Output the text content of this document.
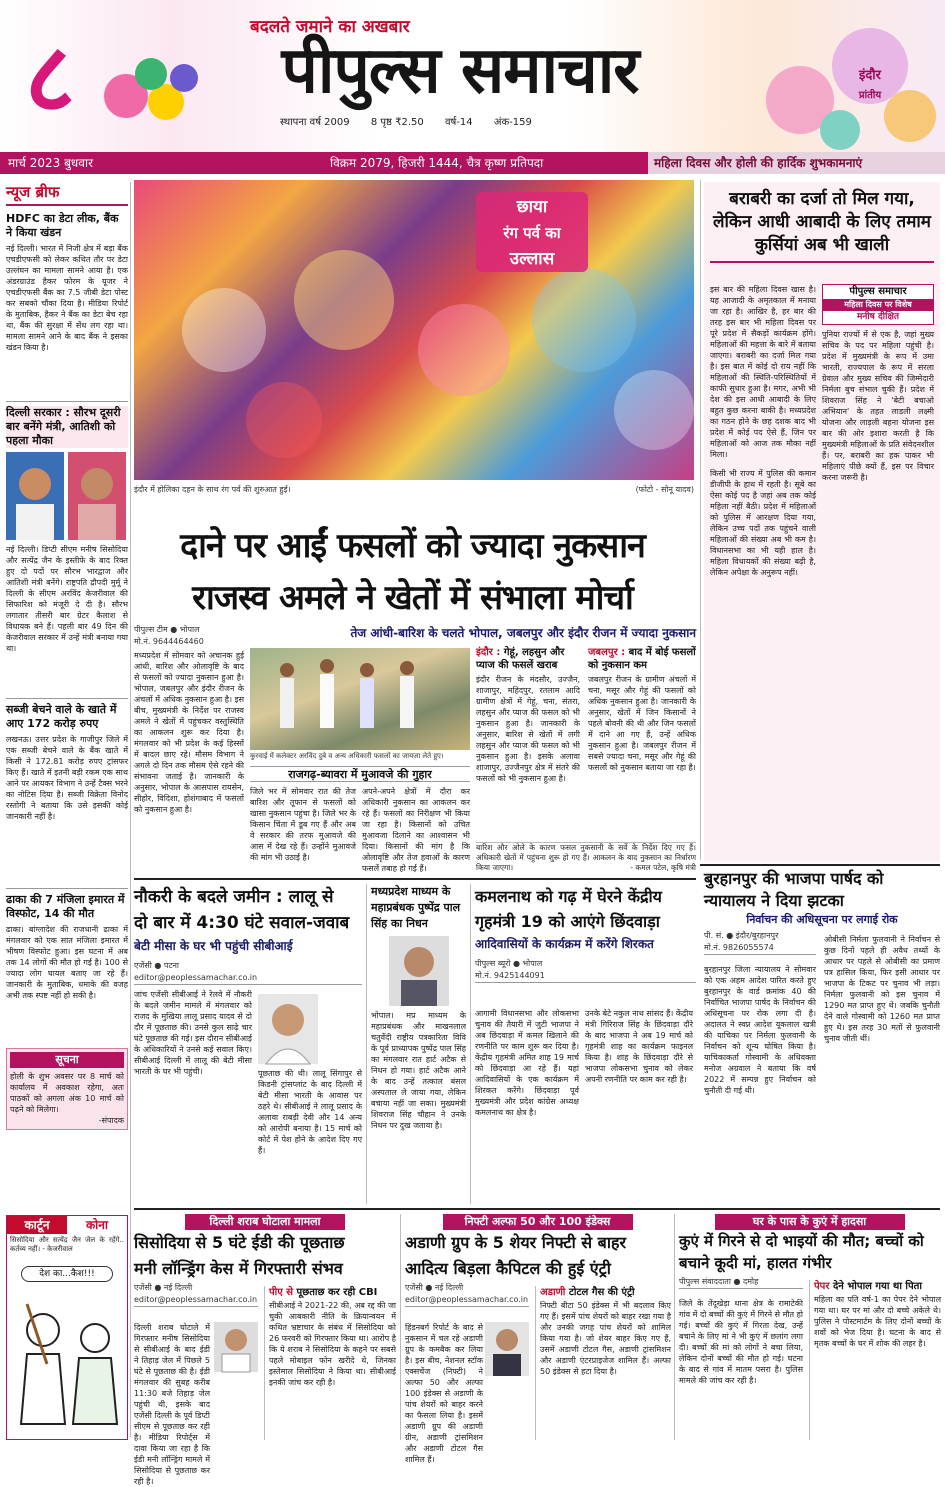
८	बदलते जमाने का अखबार
पीपुल्स समाचार	इंदौर
प्रांतीय
स्थापना वर्ष 2009 8 पृष्ठ ₹2.50 वर्ष-14 अंक-159
मार्च 2023 बुधवार	विक्रम 2079, हिजरी 1444, चैत्र कृष्ण प्रतिपदा	महिला दिवस और होली की हार्दिक शुभकामनाएं
न्यूज ब्रीफ
HDFC का डेटा लीक, बैंक ने किया खंडन
नई दिल्ली। भारत में निजी क्षेत्र में बड़ा बैंक एचडीएफसी को लेकर कथित तौर पर डेटा उल्लंघन का मामला सामने आया है। एक अंडरग्राउंड हैकर फोरम के यूजर ने एचडीएफसी बैंक का 7.5 जीबी डेटा पोस्ट कर सबको चौंका दिया है। मीडिया रिपोर्ट के मुताबिक, हैकर ने बैंक का डेटा बेच रहा था, बैंक की सुरक्षा में सेंध लग रहा था। मामला सामने आने के बाद बैंक ने इसका खंडन किया है।
दिल्ली सरकार : सौरभ दूसरी बार बनेंगे मंत्री, आतिशी को पहला मौका
नई दिल्ली। डिप्टी सीएम मनीष सिसोदिया और सत्येंद्र जैन के इस्तीफे के बाद रिक्त हुए दो पदों पर सौरभ भारद्वाज और आतिशी मंत्री बनेंगे। राष्ट्रपति द्रौपदी मुर्मू ने दिल्ली के सीएम अरविंद केजरीवाल की सिफारिश को मंजूरी दे दी है। सौरभ लगातार तीसरी बार ग्रेटर कैलाश से विधायक बने हैं। पहली बार 49 दिन की केजरीवाल सरकार में उन्हें मंत्री बनाया गया था।
सब्जी बेचने वाले के खाते में आए 172 करोड़ रुपए
लखनऊ। उत्तर प्रदेश के गाजीपुर जिले में एक सब्जी बेचने वाले के बैंक खाते में किसी ने 172.81 करोड़ रुपए ट्रांसफर किए हैं। खाते में इतनी बड़ी रकम एक साथ आने पर आयकर विभाग ने उन्हें टैक्स भरने का नोटिस दिया है। सब्जी विक्रेता विनोद रस्तोगी ने बताया कि उसे इसकी कोई जानकारी नहीं है।
ढाका की 7 मंजिला इमारत में विस्फोट, 14 की मौत
ढाका। बांग्लादेश की राजधानी ढाका में मंगलवार को एक सात मंजिला इमारत में भीषण विस्फोट हुआ। इस घटना में अब तक 14 लोगों की मौत हो गई है। 100 से ज्यादा लोग घायल बताए जा रहे हैं। जानकारी के मुताबिक, धमाके की वजह अभी तक स्पष्ट नहीं हो सकी है।
सूचना
होली के शुभ अवसर पर 8 मार्च को कार्यालय में अवकाश रहेगा, अतः पाठकों को अगला अंक 10 मार्च को पढ़ने को मिलेगा।
-संपादक
कार्टून	कोना
सिसोदिया और सत्येंद्र जैन जेल के रहेंगे.. कर्तव्य नहीं। - केजरीवाल
देश का...कैश!!!
छाया
रंग पर्व का
उल्लास
इंदौर में होलिका दहन के साथ रंग पर्व की शुरुआत हुई।	(फोटो - सोनू यादव)
बराबरी का दर्जा तो मिल गया, लेकिन आधी आबादी के लिए तमाम कुर्सियां अब भी खाली
इस बार की महिला दिवस खास है। यह आजादी के अमृतकाल में मनाया जा रहा है। आखिर है, हर बार की तरह इस बार भी महिला दिवस पर पूरे प्रदेश में सैकड़ों कार्यक्रम होंगे। महिलाओं की महत्ता के बारे में बताया जाएगा। बराबरी का दर्जा मिल गया है। इस बात में कोई दो राय नहीं कि महिलाओं की स्थिति-परिस्थितियों में काफी सुधार हुआ है। मगर, अभी भी देश की इस आधी आबादी के लिए बहुत कुछ करना बाकी है। मध्यप्रदेश का गठन होने के छह दशक बाद भी प्रदेश में कोई पद ऐसे हैं, जिन पर महिलाओं को आज तक मौका नहीं मिला।
किसी भी राज्य में पुलिस की कमान डीजीपी के हाथ में रहती है। सूबे का ऐसा कोई पद है जहां अब तक कोई महिला नहीं बैठी। प्रदेश में महिलाओं को पुलिस में आरक्षण दिया गया, लेकिन उच्च पदों तक पहुंचने वाली महिलाओं की संख्या अब भी कम है। विधानसभा का भी यही हाल है। महिला विधायकों की संख्या बढ़ी है, लेकिन अपेक्षा के अनुरूप नहीं।
पीपुल्स समाचार
महिला दिवस पर विशेष
मनीष दीक्षित
पुनिया राज्यों में से एक है, जहां मुख्य सचिव के पद पर महिला पहुंची है। प्रदेश में मुख्यमंत्री के रूप में उमा भारती, राज्यपाल के रूप में सरला ग्रेवाल और मुख्य सचिव की जिम्मेदारी निर्मला बुच संभाल चुकी हैं। प्रदेश में शिवराज सिंह ने 'बेटी बचाओ अभियान' के तहत लाडली लक्ष्मी योजना और लाड़ली बहना योजना इस बार की ओर इशारा करती है कि मुख्यमंत्री महिलाओं के प्रति संवेदनशील हैं। पर, बराबरी का हक पाकर भी महिलाएं पीछे क्यों हैं, इस पर विचार करना जरूरी है।
दाने पर आईं फसलों को ज्यादा नुकसान
राजस्व अमले ने खेतों में संभाला मोर्चा
पीपुल्स टीम ● भोपाल
मो.नं. 9644464460
तेज आंधी-बारिश के चलते भोपाल, जबलपुर और इंदौर रीजन में ज्यादा नुकसान
मध्यप्रदेश में सोमवार को अचानक हुई आंधी, बारिश और ओलावृष्टि के बाद से फसलों को ज्यादा नुकसान हुआ है। भोपाल, जबलपुर और इंदौर रीजन के अंचलों में अधिक नुकसान हुआ है। इस बीच, मुख्यमंत्री के निर्देश पर राजस्व अमले ने खेतों में पहुंचकर वस्तुस्थिति का आकलन शुरू कर दिया है। मंगलवार को भी प्रदेश के कई हिस्सों में बादल छाए रहे। मौसम विभाग ने अगले दो दिन तक मौसम ऐसे रहने की संभावना जताई है। जानकारी के अनुसार, भोपाल के आसपास रायसेन, सीहोर, विदिशा, होशंगाबाद में फसलों को नुकसान हुआ है।
कुरवाई में कलेक्टर अरविंद दुबे व अन्य अधिकारी फसलों का जायजा लेते हुए।
राजगढ़-ब्यावरा में मुआवजे की गुहार
जिले भर में सोमवार रात की तेज बारिश और तूफान से फसलों को खासा नुकसान पहुंचा है। जिले भर के किसान चिंता में डूब गए हैं और अब वे सरकार की तरफ मुआवजे की आस में देख रहे हैं। उन्होंने मुआवजे की मांग भी उठाई है।
अपने-अपने क्षेत्रों में दौरा कर अधिकारी नुकसान का आकलन कर रहे हैं। फसलों का निरीक्षण भी किया जा रहा है। किसानों को उचित मुआवजा दिलाने का आश्वासन भी दिया। किसानों की मांग है कि ओलावृष्टि और तेज हवाओं के कारण फसलें तबाह हो गई हैं।
इंदौर : गेहूं, लहसुन और प्याज की फसलें खराब
इंदौर रीजन के मंदसौर, उज्जैन, शाजापुर, महिदपुर, रतलाम आदि ग्रामीण क्षेत्रों में गेहूं, चना, संतरा, लहसुन और प्याज की फसल को भी नुकसान हुआ है। जानकारी के अनुसार, बारिश से खेतों में लगी लहसुन और प्याज की फसल को भी नुकसान हुआ है। इसके अलावा शाजापुर, उज्जैनपुर क्षेत्र में संतरे की फसलों को भी नुकसान हुआ है।
जबलपुर : बाद में बोई फसलों को नुकसान कम
जबलपुर रीजन के ग्रामीण अंचलों में चना, मसूर और गेहूं की फसलों को अधिक नुकसान हुआ है। जानकारी के अनुसार, खेतों में जिन किसानों ने पहले बोवनी की थी और जिन फसलों में दाने आ गए हैं, उन्हें अधिक नुकसान हुआ है। जबलपुर रीजन में सबसे ज्यादा चना, मसूर और गेहूं की फसलों को नुकसान बताया जा रहा है।
बारिश और ओले के कारण फसल नुकसानी के सर्वे के निर्देश दिए गए हैं। अधिकारी खेतों में पहुंचना शुरू हो गए हैं। आकलन के बाद नुकसान का निर्धारण किया जाएगा।	- कमल पटेल, कृषि मंत्री
नौकरी के बदले जमीन : लालू से
दो बार में 4:30 घंटे सवाल-जवाब
बेटी मीसा के घर भी पहुंची सीबीआई
एजेंसी ● पटना
editor@peoplessamachar.co.in
जांच एजेंसी सीबीआई ने रेलवे में नौकरी के बदले जमीन मामले में मंगलवार को राजद के मुखिया लालू प्रसाद यादव से दो दौर में पूछताछ की। उनसे कुल साढ़े चार घंटे पूछताछ की गई। इस दौरान सीबीआई के अधिकारियों ने उनसे कई सवाल किए। सीबीआई दिल्ली में लालू की बेटी मीसा भारती के घर भी पहुंची।	पूछताछ की थी। लालू सिंगापुर से किडनी ट्रांसप्लांट के बाद दिल्ली में बेटी मीसा भारती के आवास पर ठहरे थे। सीबीआई ने लालू प्रसाद के अलावा राबड़ी देवी और 14 अन्य को आरोपी बनाया है। 15 मार्च को कोर्ट में पेश होने के आदेश दिए गए हैं।
मध्यप्रदेश माध्यम के महाप्रबंधक पुष्पेंद्र पाल सिंह का निधन
भोपाल। मप्र माध्यम के महाप्रबंधक और माखनलाल चतुर्वेदी राष्ट्रीय पत्रकारिता विवि के पूर्व प्राध्यापक पुष्पेंद्र पाल सिंह का मंगलवार रात हार्ट अटैक से निधन हो गया। हार्ट अटैक आने के बाद उन्हें तत्काल बंसल अस्पताल ले जाया गया, लेकिन बचाया नहीं जा सका। मुख्यमंत्री शिवराज सिंह चौहान ने उनके निधन पर दुख जताया है।
कमलनाथ को गढ़ में घेरने केंद्रीय
गृहमंत्री 19 को आएंगे छिंदवाड़ा
आदिवासियों के कार्यक्रम में करेंगे शिरकत
पीपुल्स ब्यूरो ● भोपाल
मो.नं. 9425144091
आगामी विधानसभा और लोकसभा चुनाव की तैयारी में जुटी भाजपा ने अब छिंदवाड़ा में कमल खिलाने की रणनीति पर काम शुरू कर दिया है। केंद्रीय गृहमंत्री अमित शाह 19 मार्च को छिंदवाड़ा आ रहे हैं। यहां आदिवासियों के एक कार्यक्रम में शिरकत करेंगे। छिंदवाड़ा पूर्व मुख्यमंत्री और प्रदेश कांग्रेस अध्यक्ष कमलनाथ का क्षेत्र है।
उनके बेटे नकुल नाथ सांसद हैं। केंद्रीय मंत्री गिरिराज सिंह के छिंदवाड़ा दौरे के बाद भाजपा ने अब 19 मार्च को गृहमंत्री शाह का कार्यक्रम फाइनल किया है। शाह के छिंदवाड़ा दौरे से भाजपा लोकसभा चुनाव को लेकर अपनी रणनीति पर काम कर रही है।
बुरहानपुर की भाजपा पार्षद को न्यायालय ने दिया झटका
निर्वाचन की अधिसूचना पर लगाई रोक
पी. सं. ● इंदौर/बुरहानपुर
मो.नं. 9826055574
बुरहानपुर जिला न्यायालय ने सोमवार को एक अहम आदेश पारित करते हुए बुरहानपुर के वार्ड क्रमांक 40 की निर्वाचित भाजपा पार्षद के निर्वाचन की अधिसूचना पर रोक लगा दी है। अदालत ने स्वप्न आदेश यूकलाल खत्री की याचिका पर निर्मला फुलवानी के निर्वाचन को शून्य घोषित किया है। याचिकाकर्ता गोस्वामी के अधिवक्ता मनोज अग्रवाल ने बताया कि वर्ष 2022 में सम्पन्न हुए निर्वाचन को चुनौती दी गई थी।
ओबीसी निर्मला फुलवानी ने निर्वाचन से कुछ दिनों पहले ही अवैध तथ्यों के आधार पर पहले से ओबीसी का प्रमाण पत्र हासिल किया, फिर इसी आधार पर भाजपा के टिकट पर चुनाव भी लड़ा। निर्मला फुलवानी को इस चुनाव में 1290 मत प्राप्त हुए थे। जबकि चुनौती देने वाले गोस्वामी को 1260 मत प्राप्त हुए थे। इस तरह 30 मतों से फुलवानी चुनाव जीती थीं।
दिल्ली शराब घोटाला मामला
सिसोदिया से 5 घंटे ईडी की पूछताछ
मनी लॉन्ड्रिंग केस में गिरफ्तारी संभव
एजेंसी ● नई दिल्ली
editor@peoplessamachar.co.in
दिल्ली शराब घोटाले में गिरफ्तार मनीष सिसोदिया से सीबीआई के बाद ईडी ने तिहाड़ जेल में पिछले 5 घंटे से पूछताछ की है। ईडी मंगलवार की सुबह करीब 11:30 बजे तिहाड़ जेल पहुंची थी, इसके बाद एजेंसी दिल्ली के पूर्व डिप्टी सीएम से पूछताछ कर रही है। मीडिया रिपोर्ट्स में दावा किया जा रहा है कि ईडी मनी लॉन्ड्रिंग मामले में सिसोदिया से पूछताछ कर रही है।
पीए से पूछताछ कर रही CBI
सीबीआई ने 2021-22 की, अब रद्द की जा चुकी आबकारी नीति के क्रियान्वयन में कथित भ्रष्टाचार के संबंध में सिसोदिया को 26 फरवरी को गिरफ्तार किया था। आरोप है कि ये शराब ने सिसोदिया के कहने पर सबसे पहले मोबाइल फोन खरीदे थे, जिनका इस्तेमाल सिसोदिया ने किया था। सीबीआई इनकी जांच कर रही है।
निफ्टी अल्फा 50 और 100 इंडेक्स
अडाणी ग्रुप के 5 शेयर निफ्टी से बाहर
आदित्य बिड़ला कैपिटल की हुई एंट्री
एजेंसी ● नई दिल्ली
editor@peoplessamachar.co.in
हिंडनबर्ग रिपोर्ट के बाद से नुकसान में चल रहे अडाणी ग्रुप के कमबैक कर लिया है। इस बीच, नेशनल स्टॉक एक्सचेंज (निफ्टी) ने अल्फा 50 और अल्फा 100 इंडेक्स से अडाणी के पांच शेयरों को बाहर करने का फैसला लिया है। इसमें अडाणी ग्रुप की अडाणी ग्रीन, अडाणी ट्रांसमिशन और अडाणी टोटल गैस शामिल हैं।
अडाणी टोटल गैस की एंट्री
निफ्टी बीटा 50 इंडेक्स में भी बदलाव किए गए हैं। इसमें पांच शेयरों को बाहर रखा गया है और उनकी जगह पांच शेयरों को शामिल किया गया है। जो शेयर बाहर किए गए हैं, उसमें अडाणी टोटल गैस, अडाणी ट्रांसमिशन और अडाणी एंटरप्राइजेज शामिल हैं। अल्फा 50 इंडेक्स से हटा दिया है।
घर के पास के कुएं में हादसा
कुएं में गिरने से दो भाइयों की मौत; बच्चों को बचाने कूदी मां, हालत गंभीर
पीपुल्स संवाददाता ● दमोह
जिले के तेंदूखेड़ा थाना क्षेत्र के रामाटेकी गांव में दो बच्चों की कुएं में गिरने से मौत हो गई। बच्चों की कुएं में गिरता देख, उन्हें बचाने के लिए मां ने भी कुएं में छलांग लगा दी। बच्चों की मां को लोगों ने बचा लिया, लेकिन दोनों बच्चों की मौत हो गई। घटना के बाद से गांव में मातम पसरा है। पुलिस मामले की जांच कर रही है।
पेपर देने भोपाल गया था पिता
महिला का पति वर्ष-1 का पेपर देने भोपाल गया था। घर पर मां और दो बच्चे अकेले थे। पुलिस ने पोस्टमार्टम के लिए दोनों बच्चों के शवों को भेज दिया है। घटना के बाद से मृतक बच्चों के घर में शोक की लहर है।
